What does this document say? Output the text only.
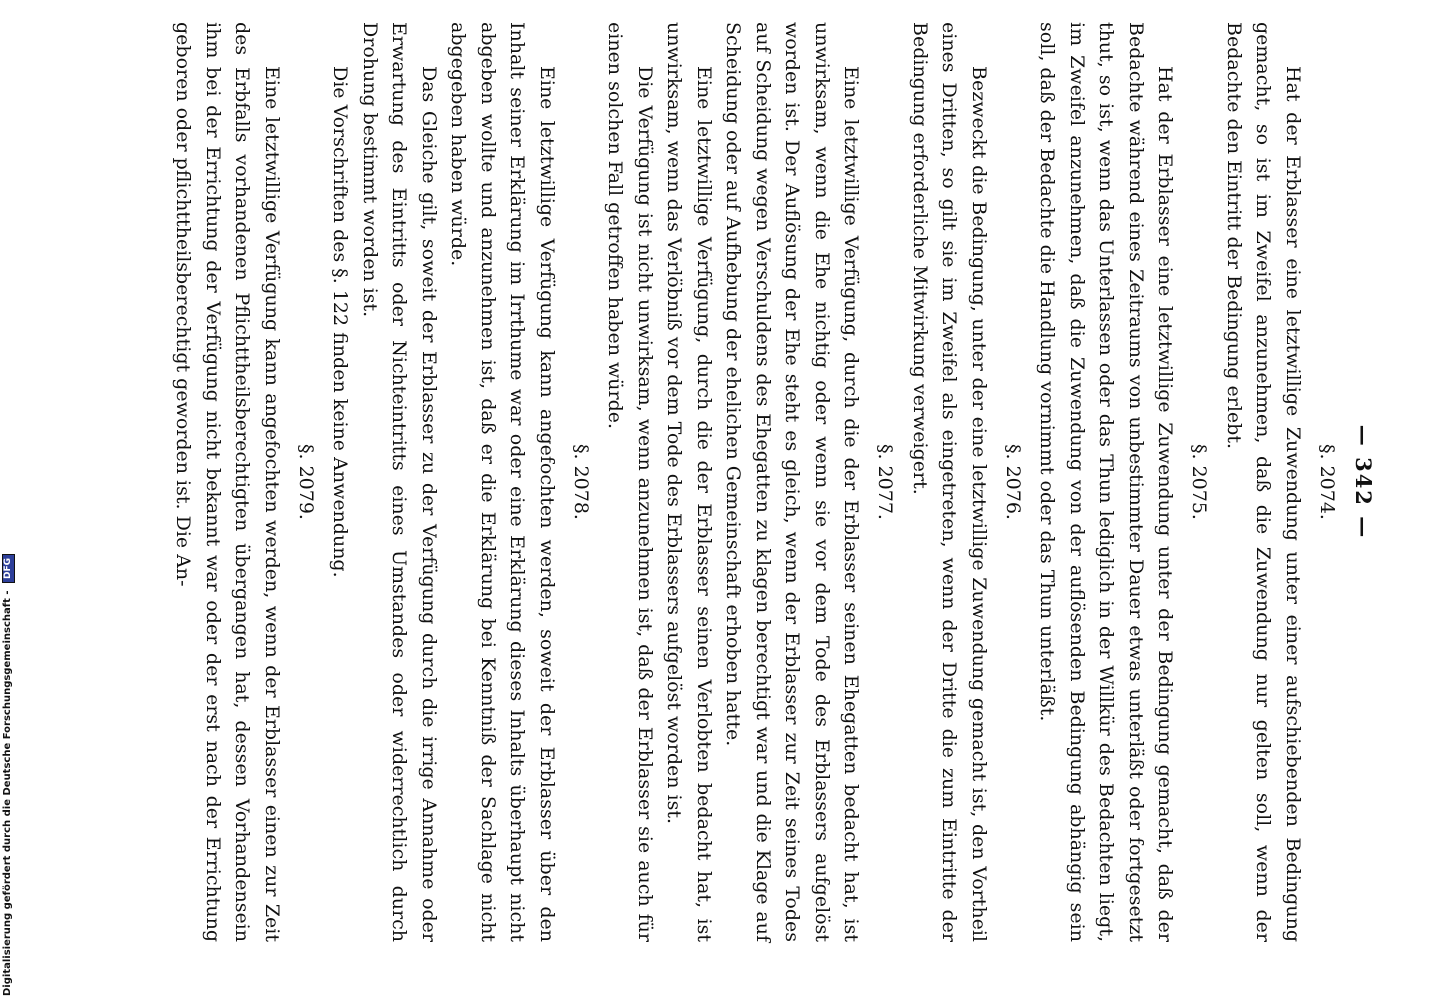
Digitalisierung gefördert durch die Deutsche Forschungsgemeinschaft - DFG
— 342 —
§. 2074.

Hat der Erblasser eine letztwillige Zuwendung unter einer aufschiebenden Bedingung gemacht, so ist im Zweifel anzunehmen, daß die Zuwendung nur gelten soll, wenn der Bedachte den Eintritt der Bedingung erlebt.

§. 2075.

Hat der Erblasser eine letztwillige Zuwendung unter der Bedingung gemacht, daß der Bedachte während eines Zeitraums von unbestimmter Dauer etwas unterläßt oder fortgesetzt thut, so ist, wenn das Unterlassen oder das Thun lediglich in der Willkür des Bedachten liegt, im Zweifel anzunehmen, daß die Zuwendung von der auflösenden Bedingung abhängig sein soll, daß der Bedachte die Handlung vornimmt oder das Thun unterläßt.

§. 2076.

Bezweckt die Bedingung, unter der eine letztwillige Zuwendung gemacht ist, den Vortheil eines Dritten, so gilt sie im Zweifel als eingetreten, wenn der Dritte die zum Eintritte der Bedingung erforderliche Mitwirkung verweigert.

§. 2077.

Eine letztwillige Verfügung, durch die der Erblasser seinen Ehegatten bedacht hat, ist unwirksam, wenn die Ehe nichtig oder wenn sie vor dem Tode des Erblassers aufgelöst worden ist. Der Auflösung der Ehe steht es gleich, wenn der Erblasser zur Zeit seines Todes auf Scheidung wegen Verschuldens des Ehegatten zu klagen berechtigt war und die Klage auf Scheidung oder auf Aufhebung der ehelichen Gemeinschaft erhoben hatte.

Eine letztwillige Verfügung, durch die der Erblasser seinen Verlobten bedacht hat, ist unwirksam, wenn das Verlöbniß vor dem Tode des Erblassers aufgelöst worden ist.

Die Verfügung ist nicht unwirksam, wenn anzunehmen ist, daß der Erblasser sie auch für einen solchen Fall getroffen haben würde.

§. 2078.

Eine letztwillige Verfügung kann angefochten werden, soweit der Erblasser über den Inhalt seiner Erklärung im Irrthume war oder eine Erklärung dieses Inhalts überhaupt nicht abgeben wollte und anzunehmen ist, daß er die Erklärung bei Kenntniß der Sachlage nicht abgegeben haben würde.

Das Gleiche gilt, soweit der Erblasser zu der Verfügung durch die irrige Annahme oder Erwartung des Eintritts oder Nichteintritts eines Umstandes oder widerrechtlich durch Drohung bestimmt worden ist.

Die Vorschriften des §. 122 finden keine Anwendung.

§. 2079.

Eine letztwillige Verfügung kann angefochten werden, wenn der Erblasser einen zur Zeit des Erbfalls vorhandenen Pflichttheilsberechtigten übergangen hat, dessen Vorhandensein ihm bei der Errichtung der Verfügung nicht bekannt war oder der erst nach der Errichtung geboren oder pflichttheilsberechtigt geworden ist. Die An-
